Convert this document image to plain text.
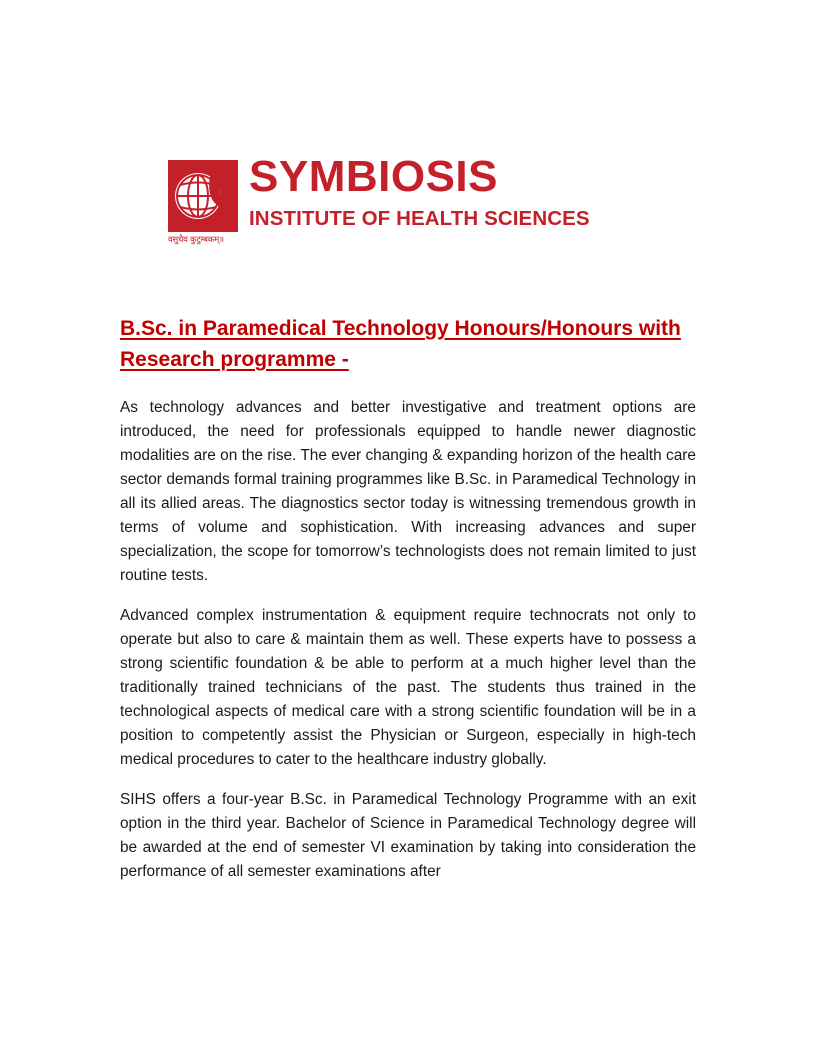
वसुधैव कुटुम्बकम्॥
SYMBIOSIS
INSTITUTE OF HEALTH SCIENCES
B.Sc. in Paramedical Technology Honours/Honours with Research programme -

As technology advances and better investigative and treatment options are introduced, the need for professionals equipped to handle newer diagnostic modalities are on the rise. The ever changing & expanding horizon of the health care sector demands formal training programmes like B.Sc. in Paramedical Technology in all its allied areas. The diagnostics sector today is witnessing tremendous growth in terms of volume and sophistication. With increasing advances and super specialization, the scope for tomorrow’s technologists does not remain limited to just routine tests.

Advanced complex instrumentation & equipment require technocrats not only to operate but also to care & maintain them as well. These experts have to possess a strong scientific foundation & be able to perform at a much higher level than the traditionally trained technicians of the past. The students thus trained in the technological aspects of medical care with a strong scientific foundation will be in a position to competently assist the Physician or Surgeon, especially in high-tech medical procedures to cater to the healthcare industry globally.

SIHS offers a four-year B.Sc. in Paramedical Technology Programme with an exit option in the third year. Bachelor of Science in Paramedical Technology degree will be awarded at the end of semester VI examination by taking into consideration the performance of all semester examinations after
